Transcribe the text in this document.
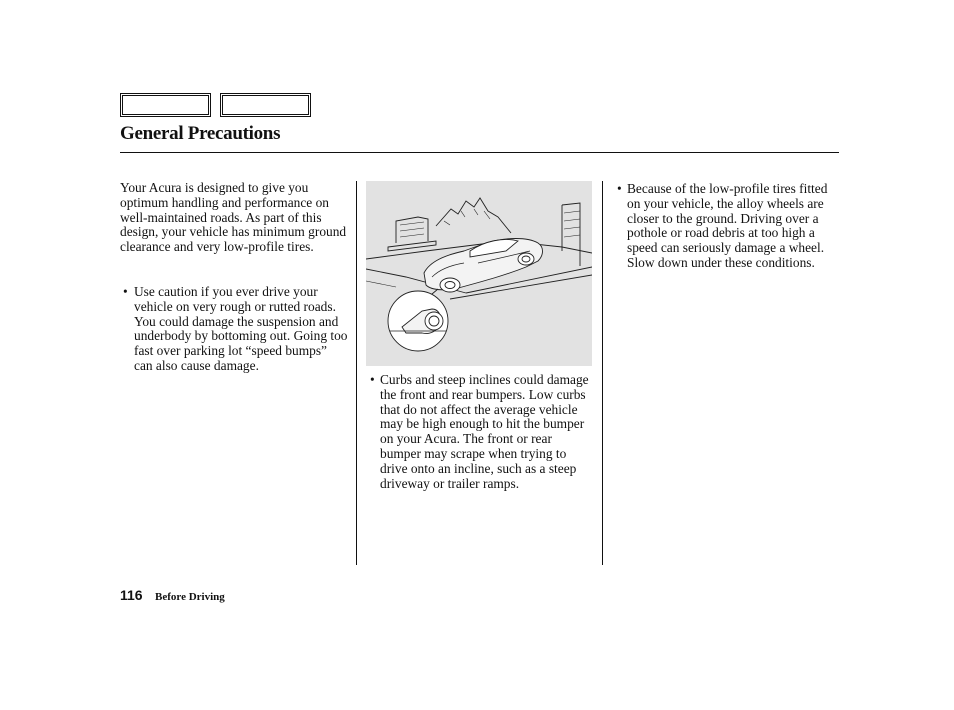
General Precautions

Your Acura is designed to give you optimum handling and performance on well-maintained roads. As part of this design, your vehicle has minimum ground clearance and very low-profile tires.

• Use caution if you ever drive your vehicle on very rough or rutted roads. You could damage the suspension and underbody by bottoming out. Going too fast over parking lot “speed bumps” can also cause damage.

• Curbs and steep inclines could damage the front and rear bumpers. Low curbs that do not affect the average vehicle may be high enough to hit the bumper on your Acura. The front or rear bumper may scrape when trying to drive onto an incline, such as a steep driveway or trailer ramps.

• Because of the low-profile tires fitted on your vehicle, the alloy wheels are closer to the ground. Driving over a pothole or road debris at too high a speed can seriously damage a wheel. Slow down under these conditions.

116 Before Driving
